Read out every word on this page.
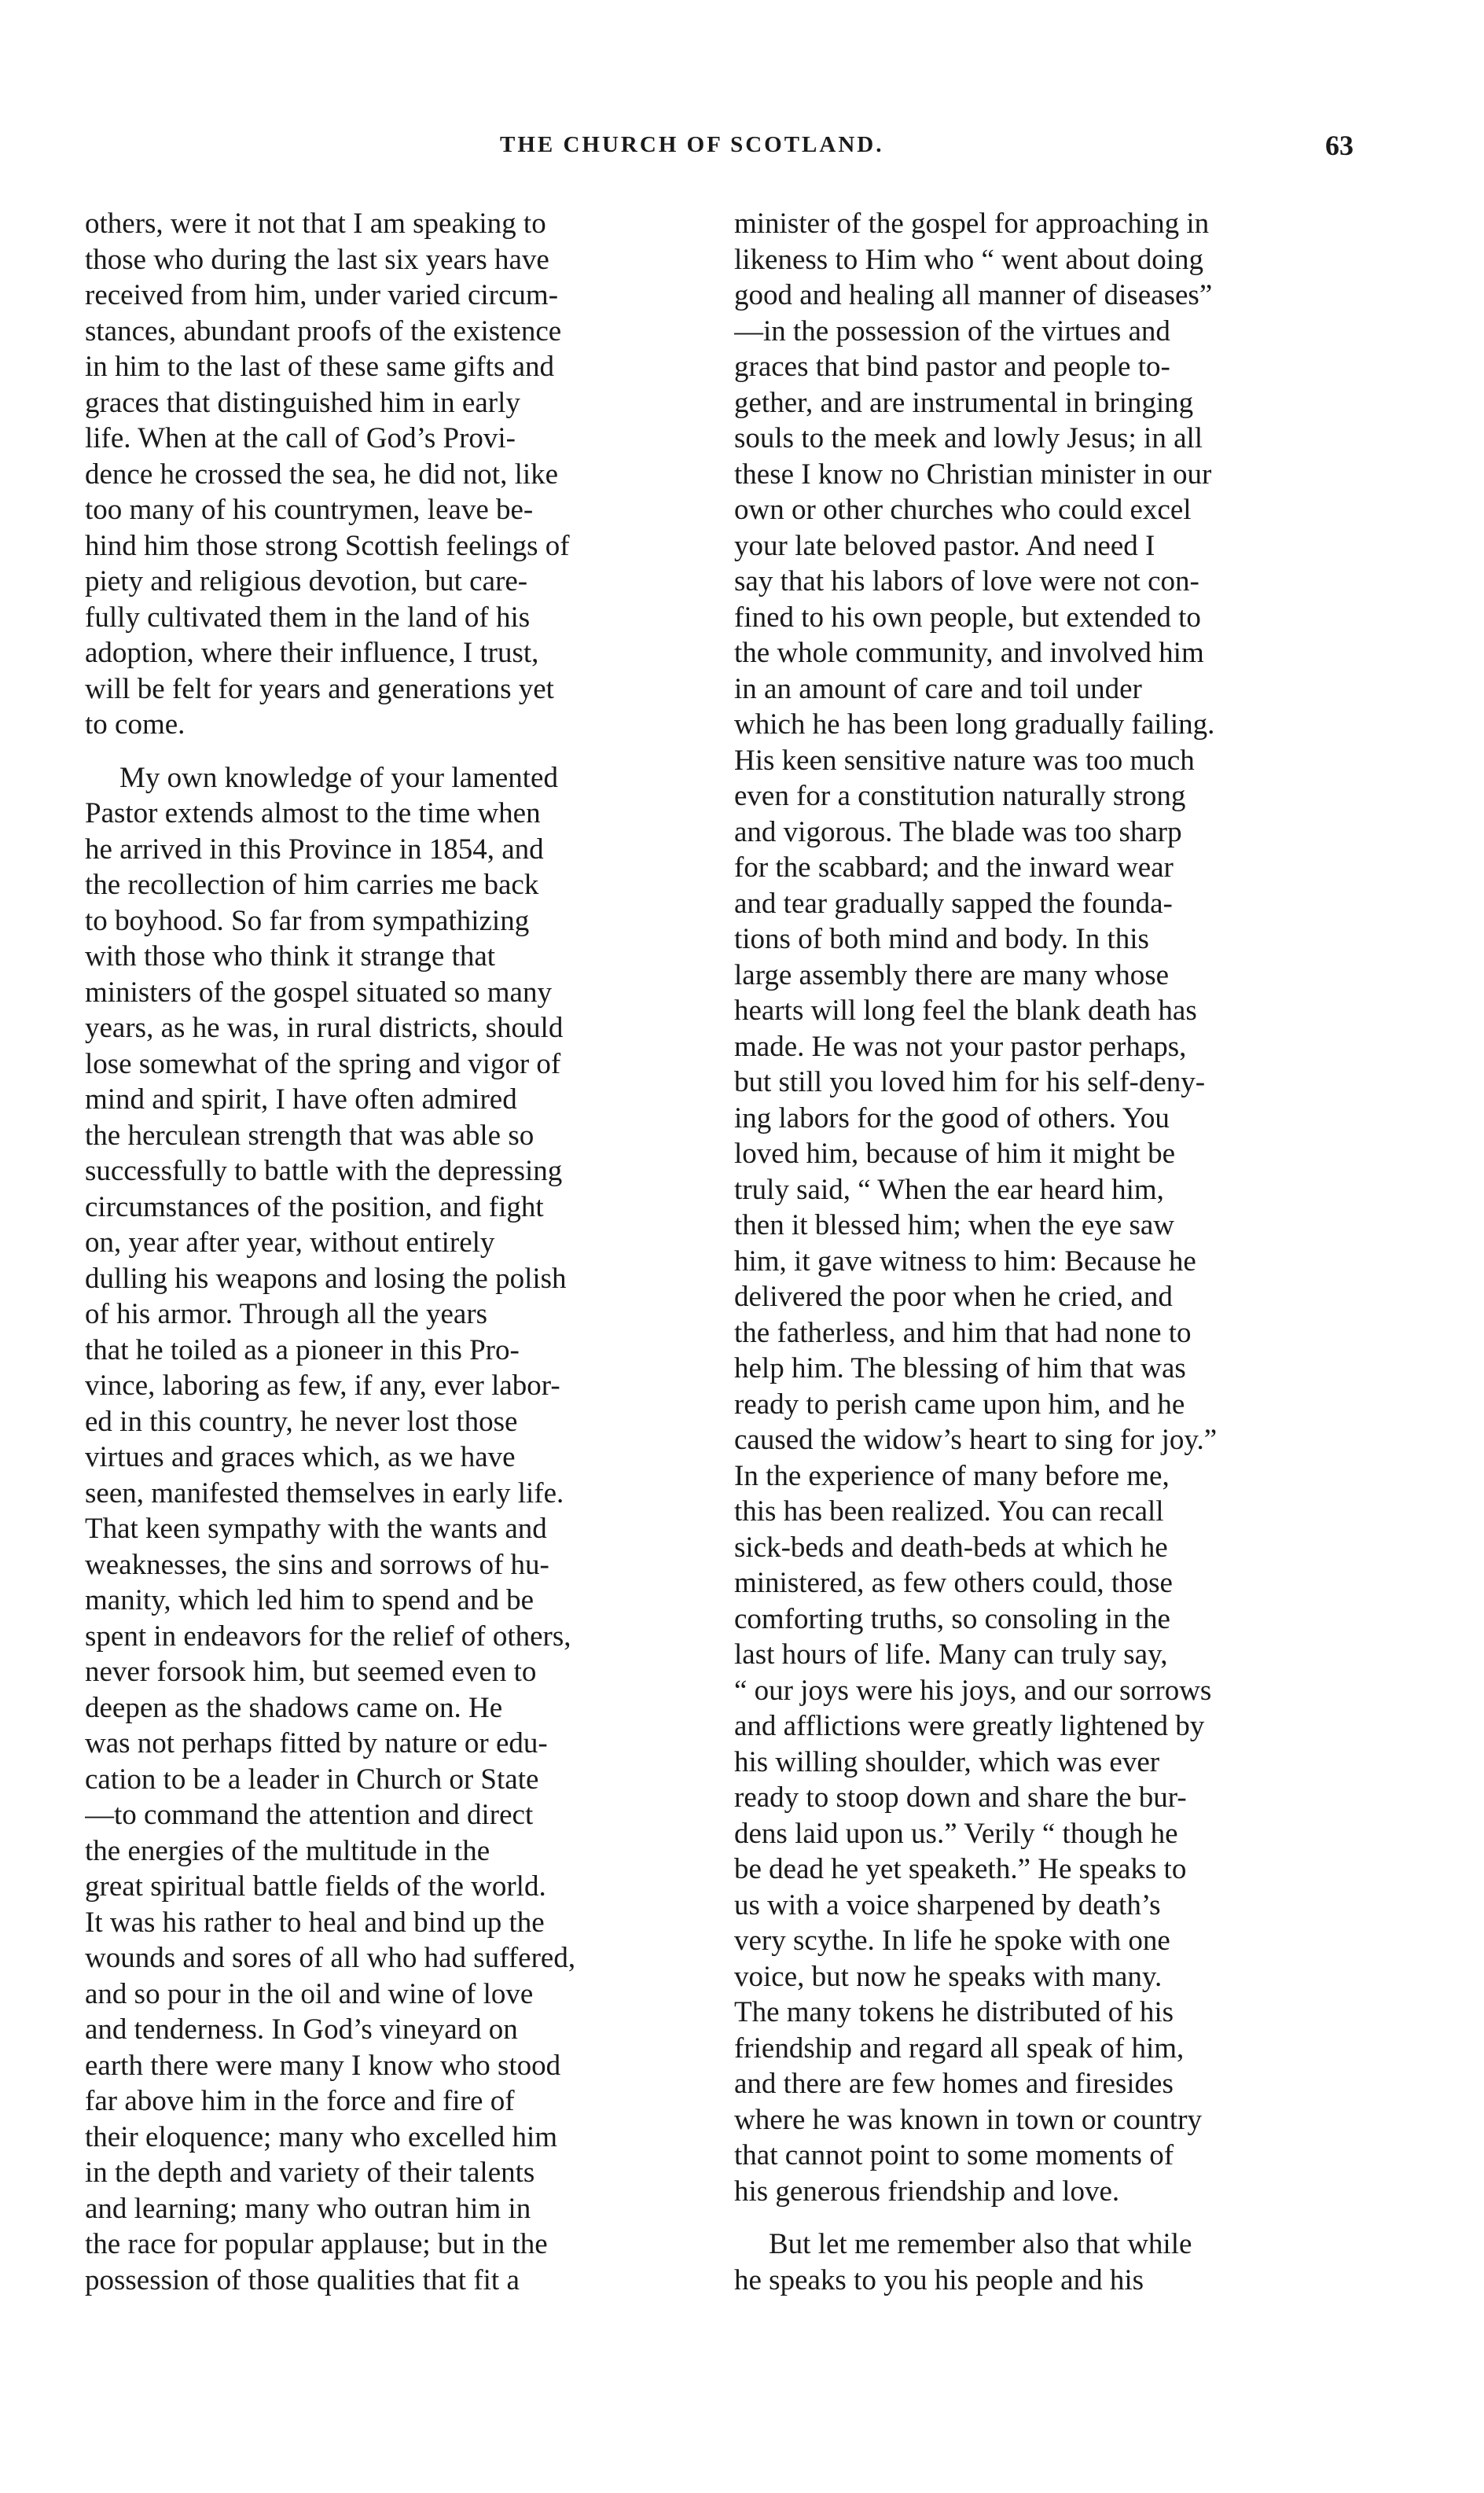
THE CHURCH OF SCOTLAND.	63

others, were it not that I am speaking to
those who during the last six years have
received from him, under varied circum-
stances, abundant proofs of the existence
in him to the last of these same gifts and
graces that distinguished him in early
life. When at the call of God’s Provi-
dence he crossed the sea, he did not, like
too many of his countrymen, leave be-
hind him those strong Scottish feelings of
piety and religious devotion, but care-
fully cultivated them in the land of his
adoption, where their influence, I trust,
will be felt for years and generations yet
to come.

My own knowledge of your lamented
Pastor extends almost to the time when
he arrived in this Province in 1854, and
the recollection of him carries me back
to boyhood. So far from sympathizing
with those who think it strange that
ministers of the gospel situated so many
years, as he was, in rural districts, should
lose somewhat of the spring and vigor of
mind and spirit, I have often admired
the herculean strength that was able so
successfully to battle with the depressing
circumstances of the position, and fight
on, year after year, without entirely
dulling his weapons and losing the polish
of his armor. Through all the years
that he toiled as a pioneer in this Pro-
vince, laboring as few, if any, ever labor-
ed in this country, he never lost those
virtues and graces which, as we have
seen, manifested themselves in early life.
That keen sympathy with the wants and
weaknesses, the sins and sorrows of hu-
manity, which led him to spend and be
spent in endeavors for the relief of others,
never forsook him, but seemed even to
deepen as the shadows came on. He
was not perhaps fitted by nature or edu-
cation to be a leader in Church or State
—to command the attention and direct
the energies of the multitude in the
great spiritual battle fields of the world.
It was his rather to heal and bind up the
wounds and sores of all who had suffered,
and so pour in the oil and wine of love
and tenderness. In God’s vineyard on
earth there were many I know who stood
far above him in the force and fire of
their eloquence; many who excelled him
in the depth and variety of their talents
and learning; many who outran him in
the race for popular applause; but in the
possession of those qualities that fit a

minister of the gospel for approaching in
likeness to Him who “ went about doing
good and healing all manner of diseases”
—in the possession of the virtues and
graces that bind pastor and people to-
gether, and are instrumental in bringing
souls to the meek and lowly Jesus; in all
these I know no Christian minister in our
own or other churches who could excel
your late beloved pastor. And need I
say that his labors of love were not con-
fined to his own people, but extended to
the whole community, and involved him
in an amount of care and toil under
which he has been long gradually failing.
His keen sensitive nature was too much
even for a constitution naturally strong
and vigorous. The blade was too sharp
for the scabbard; and the inward wear
and tear gradually sapped the founda-
tions of both mind and body. In this
large assembly there are many whose
hearts will long feel the blank death has
made. He was not your pastor perhaps,
but still you loved him for his self-deny-
ing labors for the good of others. You
loved him, because of him it might be
truly said, “ When the ear heard him,
then it blessed him; when the eye saw
him, it gave witness to him: Because he
delivered the poor when he cried, and
the fatherless, and him that had none to
help him. The blessing of him that was
ready to perish came upon him, and he
caused the widow’s heart to sing for joy.”
In the experience of many before me,
this has been realized. You can recall
sick-beds and death-beds at which he
ministered, as few others could, those
comforting truths, so consoling in the
last hours of life. Many can truly say,
“ our joys were his joys, and our sorrows
and afflictions were greatly lightened by
his willing shoulder, which was ever
ready to stoop down and share the bur-
dens laid upon us.” Verily “ though he
be dead he yet speaketh.” He speaks to
us with a voice sharpened by death’s
very scythe. In life he spoke with one
voice, but now he speaks with many.
The many tokens he distributed of his
friendship and regard all speak of him,
and there are few homes and firesides
where he was known in town or country
that cannot point to some moments of
his generous friendship and love.

But let me remember also that while
he speaks to you his people and his
